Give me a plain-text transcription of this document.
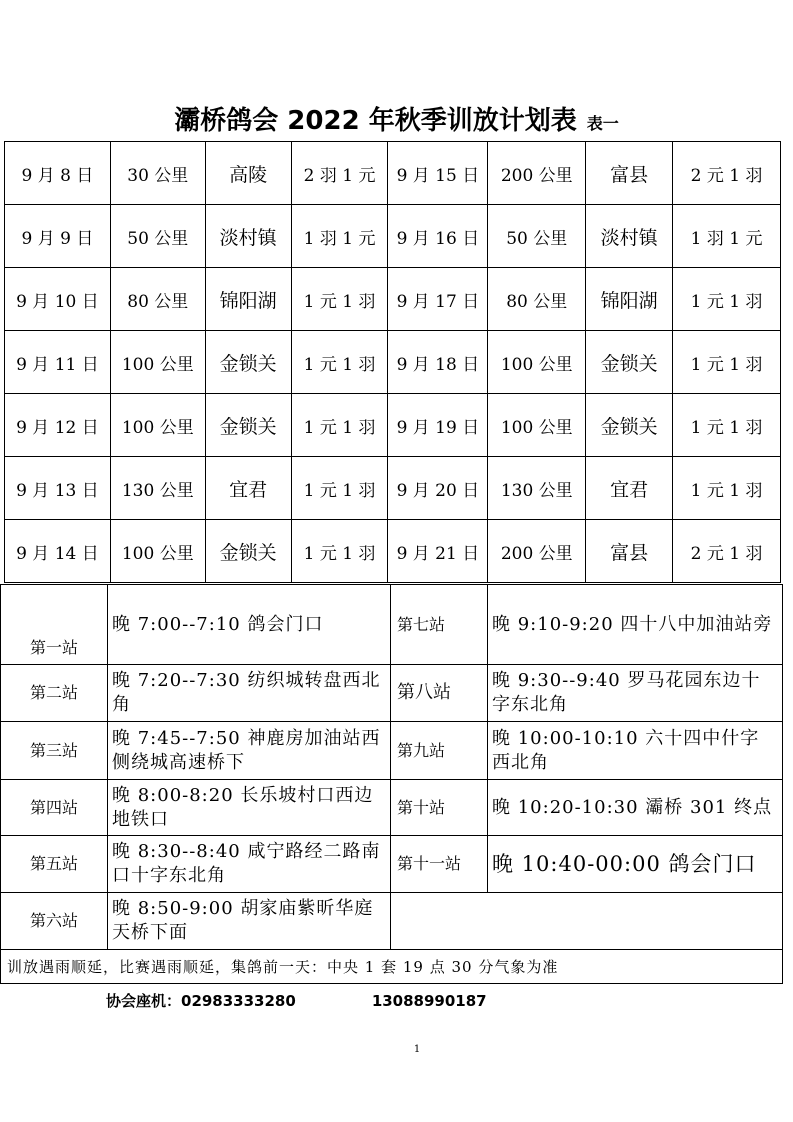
灞桥鸽会 2022 年秋季训放计划表 表一
9 月 8 日	30 公里	高陵	2 羽 1 元	9 月 15 日	200 公里	富县	2 元 1 羽
9 月 9 日	50 公里	淡村镇	1 羽 1 元	9 月 16 日	50 公里	淡村镇	1 羽 1 元
9 月 10 日	80 公里	锦阳湖	1 元 1 羽	9 月 17 日	80 公里	锦阳湖	1 元 1 羽
9 月 11 日	100 公里	金锁关	1 元 1 羽	9 月 18 日	100 公里	金锁关	1 元 1 羽
9 月 12 日	100 公里	金锁关	1 元 1 羽	9 月 19 日	100 公里	金锁关	1 元 1 羽
9 月 13 日	130 公里	宜君	1 元 1 羽	9 月 20 日	130 公里	宜君	1 元 1 羽
9 月 14 日	100 公里	金锁关	1 元 1 羽	9 月 21 日	200 公里	富县	2 元 1 羽
第一站	晚 7:00--7:10 鸽会门口	第七站	晚 9:10-9:20 四十八中加油站旁
第二站	晚 7:20--7:30 纺织城转盘西北角	第八站	晚 9:30--9:40 罗马花园东边十字东北角
第三站	晚 7:45--7:50 神鹿房加油站西侧绕城高速桥下	第九站	晚 10:00-10:10 六十四中什字西北角
第四站	晚 8:00-8:20 长乐坡村口西边地铁口	第十站	晚 10:20-10:30 灞桥 301 终点
第五站	晚 8:30--8:40 咸宁路经二路南口十字东北角	第十一站	晚 10:40-00:00 鸽会门口
第六站	晚 8:50-9:00 胡家庙紫昕华庭天桥下面		
训放遇雨顺延，比赛遇雨顺延，集鸽前一天：中央 1 套 19 点 30 分气象为准			
协会座机：02983333280	13088990187
1
